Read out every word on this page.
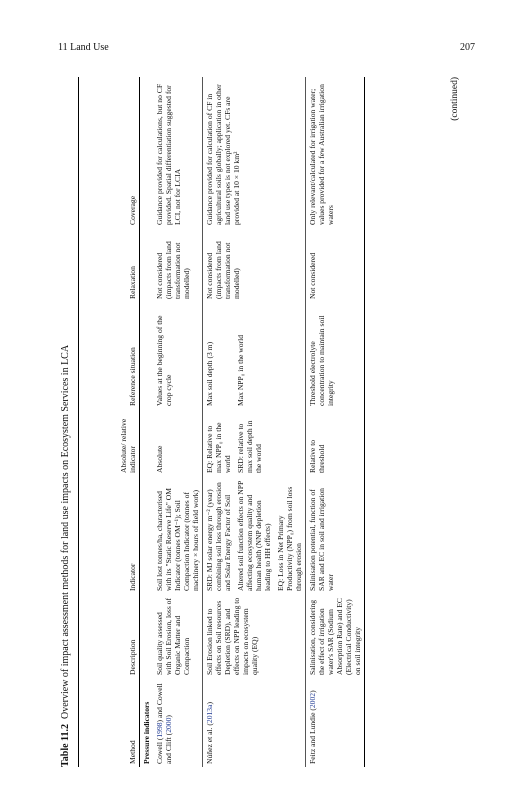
11 Land Use	207
Table 11.2  Overview of impact assessment methods for land use impacts on Ecosystem Services in LCA
Method	Description	Indicator	Absolute/ relative indicator	Reference situation	Relaxation	Coverage
Pressure indicators						
Cowell (1998) and Cowell and Clift (2000)	Soil quality assessed with Soil Erosion, loss of Organic Matter and Compaction	Soil lost tonnes/ha, characterised with its "Static Reserve Life" OM Indicator (tonnes OM⁻¹); Soil Compaction Indicator (tonnes of machinery × hours of field work)	Absolute	Values at the beginning of the crop cycle	Not considered (impacts from land transformation not modelled)	Guidance provided for calculations, but no CF provided. Spatial differentiation suggested for LCI, not for LCIA
Núñez et al. (2013a)	Soil Erosion linked to effects on Soil resources Depletion (SRD), and effects on NPP leading to impacts on ecosystem quality (EQ)	SRD: MJ solar energy m⁻² (year) combining soil loss through erosion and Solar Energy Factor of Soil	EQ: Relative to max NPP₀ in the world	Max soil depth (3 m)	Not considered (impacts from land transformation not modelled)	Guidance provided for calculation of CF in agricultural soils globally; application in other land use types is not explored yet. CFs are provided at 10 × 10 km²
		Altered soil function effects on NPP affecting ecosystem quality and human health (NNP depletion leading to HH effects)	SRD: relative to max soil depth in the world	Max NPP₀ in the world		
		EQ: Loss in Net Primary Productivity (NPP₀) from soil loss through erosion				
Feitz and Lundie (2002)	Salinisation, considering the effect of irrigation water's SAR (Sodium Absorption Rate) and EC (Electrical Conductivity) on soil integrity	Salinisation potential, function of SAR and EC in soil and irrigation water	Relative to threshold	Threshold electrolyte concentration to maintain soil integrity	Not considered	Only relevant/calculated for irrigation water; values provided for a few Australian irrigation waters
(continued)
